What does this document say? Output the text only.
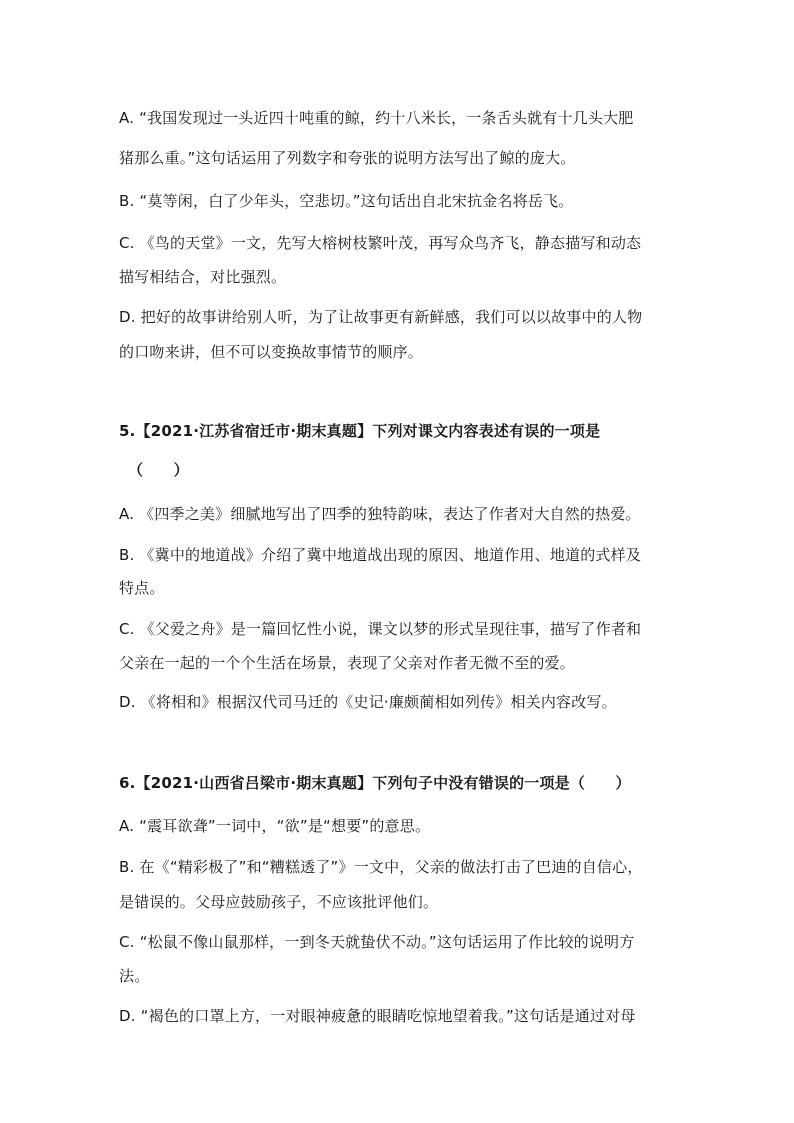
A. “我国发现过一头近四十吨重的鲸，约十八米长，一条舌头就有十几头大肥
猪那么重。”这句话运用了列数字和夸张的说明方法写出了鲸的庞大。
B. “莫等闲，白了少年头，空悲切。”这句话出自北宋抗金名将岳飞。
C. 《鸟的天堂》一文，先写大榕树枝繁叶茂，再写众鸟齐飞，静态描写和动态
描写相结合，对比强烈。
D. 把好的故事讲给别人听，为了让故事更有新鲜感，我们可以以故事中的人物
的口吻来讲，但不可以变换故事情节的顺序。
5.【2021·江苏省宿迁市·期末真题】下列对课文内容表述有误的一项是
（　　）
A. 《四季之美》细腻地写出了四季的独特韵味，表达了作者对大自然的热爱。
B. 《冀中的地道战》介绍了冀中地道战出现的原因、地道作用、地道的式样及
特点。
C. 《父爱之舟》是一篇回忆性小说，课文以梦的形式呈现往事，描写了作者和
父亲在一起的一个个生活在场景，表现了父亲对作者无微不至的爱。
D. 《将相和》根据汉代司马迁的《史记·廉颇蔺相如列传》相关内容改写。
6.【2021·山西省吕梁市·期末真题】下列句子中没有错误的一项是（　　）
A. “震耳欲聋”一词中，“欲”是“想要”的意思。
B. 在《“精彩极了”和“糟糕透了”》一文中，父亲的做法打击了巴迪的自信心，
是错误的。父母应鼓励孩子，不应该批评他们。
C. “松鼠不像山鼠那样，一到冬天就蛰伏不动。”这句话运用了作比较的说明方
法。
D. “褐色的口罩上方，一对眼神疲惫的眼睛吃惊地望着我。”这句话是通过对母
